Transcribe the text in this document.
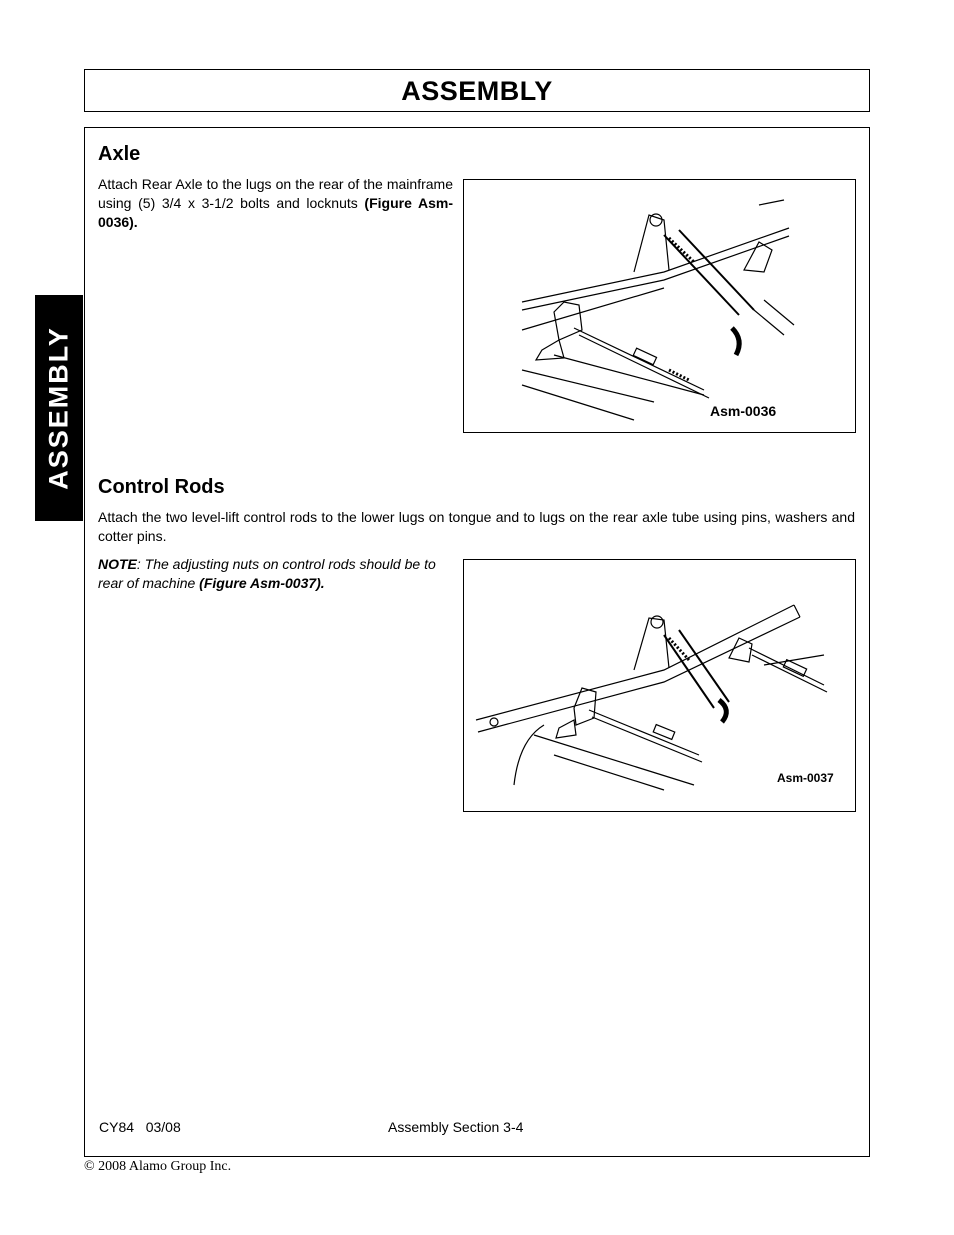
ASSEMBLY
ASSEMBLY
Axle
Attach Rear Axle to the lugs on the rear of the mainframe using (5) 3/4 x 3-1/2 bolts and locknuts (Figure Asm-0036).
Asm-0036
Control Rods
Attach the two level-lift control rods to the lower lugs on tongue and to lugs on the rear axle tube using pins, washers and cotter pins.
NOTE: The adjusting nuts on control rods should be to rear of machine (Figure Asm-0037).
Asm-0037
CY84   03/08	Assembly Section 3-4
© 2008 Alamo Group Inc.
